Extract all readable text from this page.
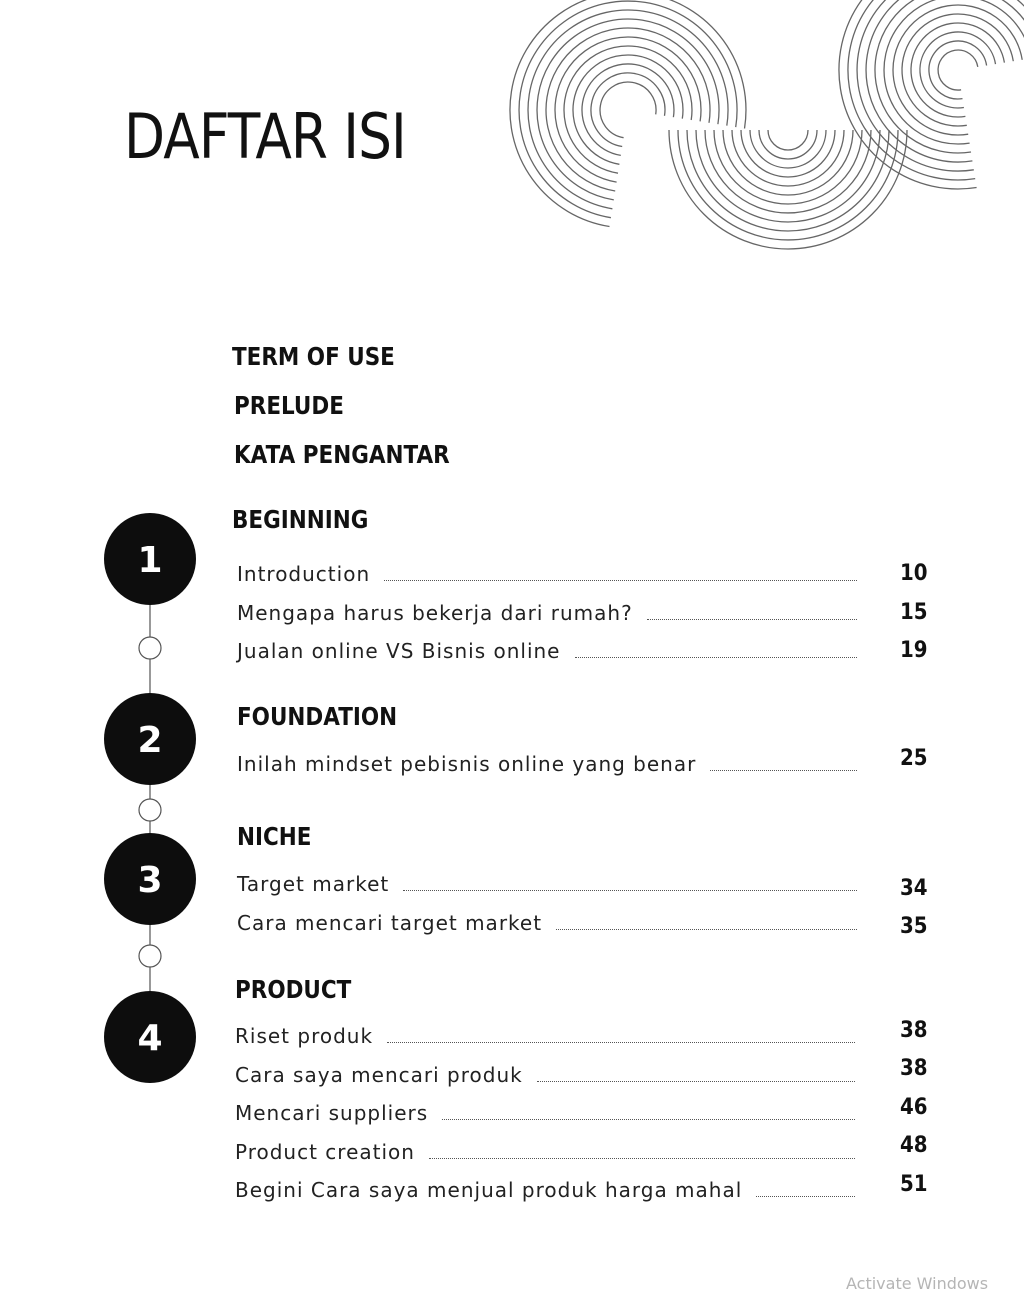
DAFTAR ISI
TERM OF USE
PRELUDE
KATA PENGANTAR
1
2
3
4
BEGINNING
Introduction	10
Mengapa harus bekerja dari rumah?	15
Jualan online VS Bisnis online	19
FOUNDATION
Inilah mindset pebisnis online yang benar	25
NICHE
Target market	34
Cara mencari target market	35
PRODUCT
Riset produk	38
Cara saya mencari produk	38
Mencari suppliers	46
Product creation	48
Begini Cara saya menjual produk harga mahal	51
Activate Windows
